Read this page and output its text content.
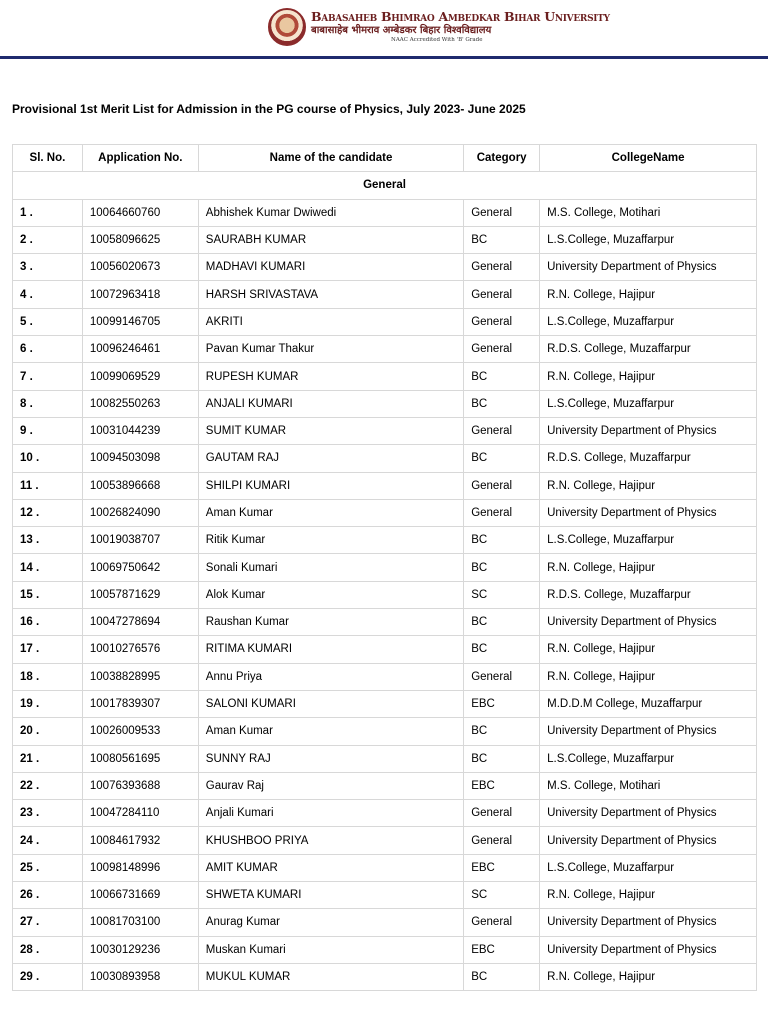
Babasaheb Bhimrao Ambedkar Bihar University
बाबासाहेब भीमराव अम्बेडकर बिहार विश्वविद्यालय
NAAC Accredited With 'B' Grade
Provisional 1st Merit List for Admission in the PG course of Physics, July 2023- June 2025
Sl. No.	Application No.	Name of the candidate	Category	CollegeName
General				
1 .	10064660760	Abhishek Kumar Dwiwedi	General	M.S. College, Motihari
2 .	10058096625	SAURABH KUMAR	BC	L.S.College, Muzaffarpur
3 .	10056020673	MADHAVI KUMARI	General	University Department of Physics
4 .	10072963418	HARSH SRIVASTAVA	General	R.N. College, Hajipur
5 .	10099146705	AKRITI	General	L.S.College, Muzaffarpur
6 .	10096246461	Pavan Kumar Thakur	General	R.D.S. College, Muzaffarpur
7 .	10099069529	RUPESH KUMAR	BC	R.N. College, Hajipur
8 .	10082550263	ANJALI KUMARI	BC	L.S.College, Muzaffarpur
9 .	10031044239	SUMIT KUMAR	General	University Department of Physics
10 .	10094503098	GAUTAM RAJ	BC	R.D.S. College, Muzaffarpur
11 .	10053896668	SHILPI KUMARI	General	R.N. College, Hajipur
12 .	10026824090	Aman Kumar	General	University Department of Physics
13 .	10019038707	Ritik Kumar	BC	L.S.College, Muzaffarpur
14 .	10069750642	Sonali Kumari	BC	R.N. College, Hajipur
15 .	10057871629	Alok Kumar	SC	R.D.S. College, Muzaffarpur
16 .	10047278694	Raushan Kumar	BC	University Department of Physics
17 .	10010276576	RITIMA KUMARI	BC	R.N. College, Hajipur
18 .	10038828995	Annu Priya	General	R.N. College, Hajipur
19 .	10017839307	SALONI KUMARI	EBC	M.D.D.M College, Muzaffarpur
20 .	10026009533	Aman Kumar	BC	University Department of Physics
21 .	10080561695	SUNNY RAJ	BC	L.S.College, Muzaffarpur
22 .	10076393688	Gaurav Raj	EBC	M.S. College, Motihari
23 .	10047284110	Anjali Kumari	General	University Department of Physics
24 .	10084617932	KHUSHBOO PRIYA	General	University Department of Physics
25 .	10098148996	AMIT KUMAR	EBC	L.S.College, Muzaffarpur
26 .	10066731669	SHWETA KUMARI	SC	R.N. College, Hajipur
27 .	10081703100	Anurag Kumar	General	University Department of Physics
28 .	10030129236	Muskan Kumari	EBC	University Department of Physics
29 .	10030893958	MUKUL KUMAR	BC	R.N. College, Hajipur
